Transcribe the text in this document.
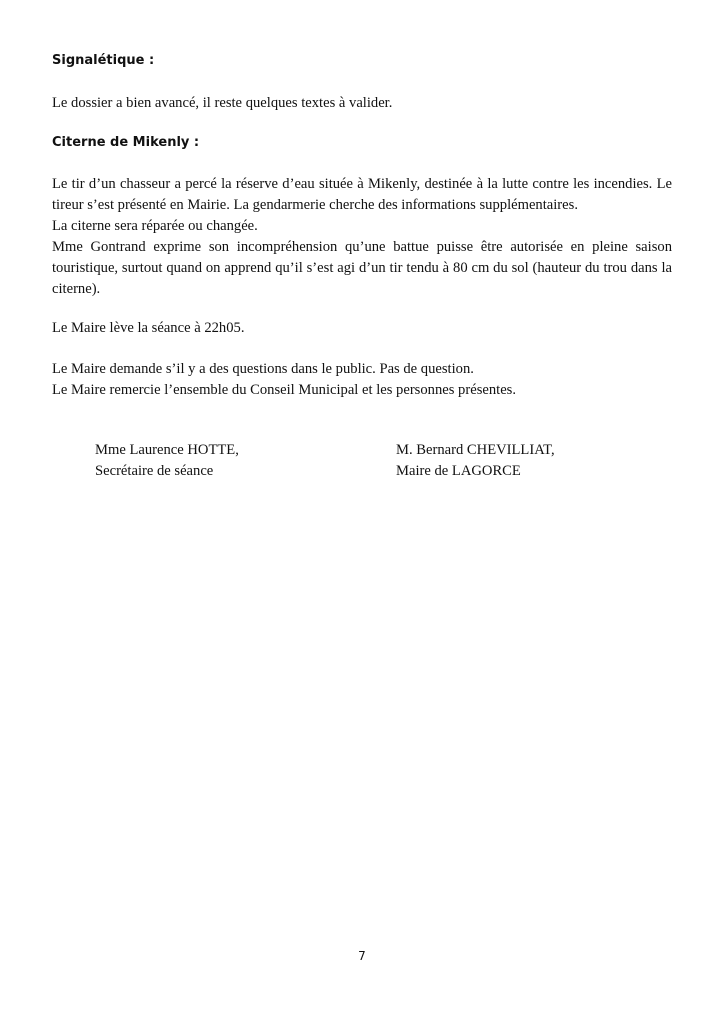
Signalétique :
Le dossier a bien avancé, il reste quelques textes à valider.
Citerne de Mikenly :

Le tir d’un chasseur a percé la réserve d’eau située à Mikenly, destinée à la lutte contre les incendies. Le tireur s’est présenté en Mairie. La gendarmerie cherche des informations supplémentaires.

La citerne sera réparée ou changée.

Mme Gontrand exprime son incompréhension qu’une battue puisse être autorisée en pleine saison touristique, surtout quand on apprend qu’il s’est agi d’un tir tendu à 80 cm du sol (hauteur du trou dans la citerne).

Le Maire lève la séance à 22h05.
Le Maire demande s’il y a des questions dans le public. Pas de question.
Le Maire remercie l’ensemble du Conseil Municipal et les personnes présentes.
Mme Laurence HOTTE,
Secrétaire de séance
M. Bernard CHEVILLIAT,
Maire de LAGORCE
7
